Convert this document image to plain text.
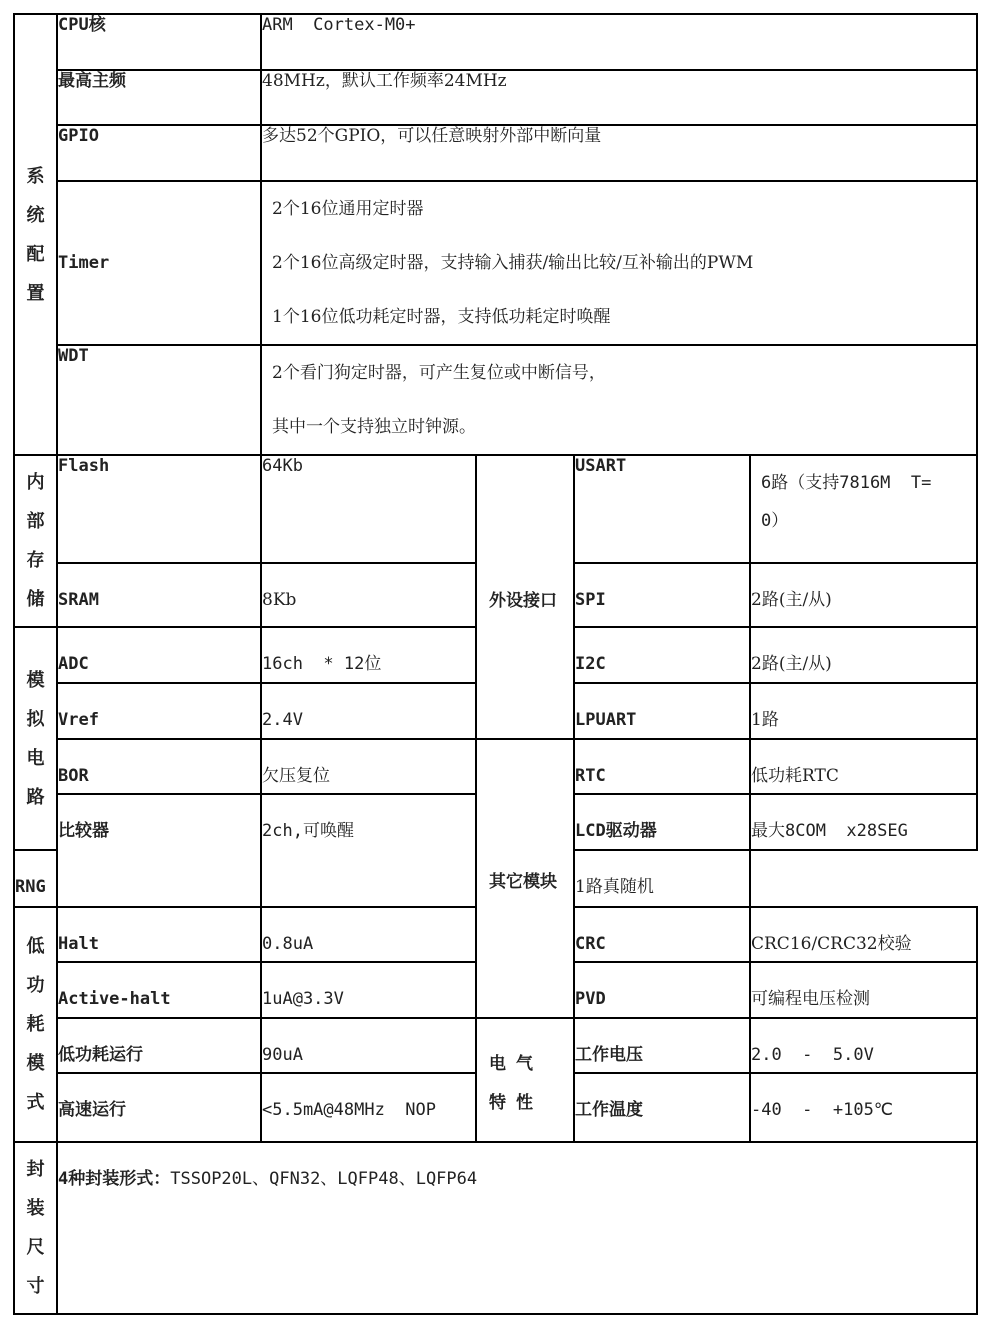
系统配置	CPU核	ARM  Cortex-M0+			
	最高主频	48MHz，默认工作频率24MHz			
	GPIO	多达52个GPIO，可以任意映射外部中断向量			
	Timer	2个16位通用定时器
2个16位高级定时器，支持输入捕获/输出比较/互补输出的PWM
1个16位低功耗定时器，支持低功耗定时唤醒			

	WDT	2个看门狗定时器，可产生复位或中断信号，
其中一个支持独立时钟源。			

内部存储	Flash	64Kb	外设接口	USART	6路（支持7816M  T=
0）

	SRAM	8Kb		SPI	2路(主/从)
模拟电路	ADC	16ch  * 12位		I2C	2路(主/从)
	Vref	2.4V		LPUART	1路
	BOR	欠压复位	其它模块	RTC	低功耗RTC
	比较器	2ch,可唤醒		LCD驱动器	最大8COM  x28SEG
RNG				1路真随机	
低功耗模式	Halt	0.8uA		CRC	CRC16/CRC32校验
	Active-halt	1uA@3.3V		PVD	可编程电压检测
	低功耗运行	90uA	电气特性	工作电压	2.0  -  5.0V
	高速运行	<5.5mA@48MHz  NOP		工作温度	-40  -  +105℃
封装尺寸	4种封装形式：TSSOP20L、QFN32、LQFP48、LQFP64				
